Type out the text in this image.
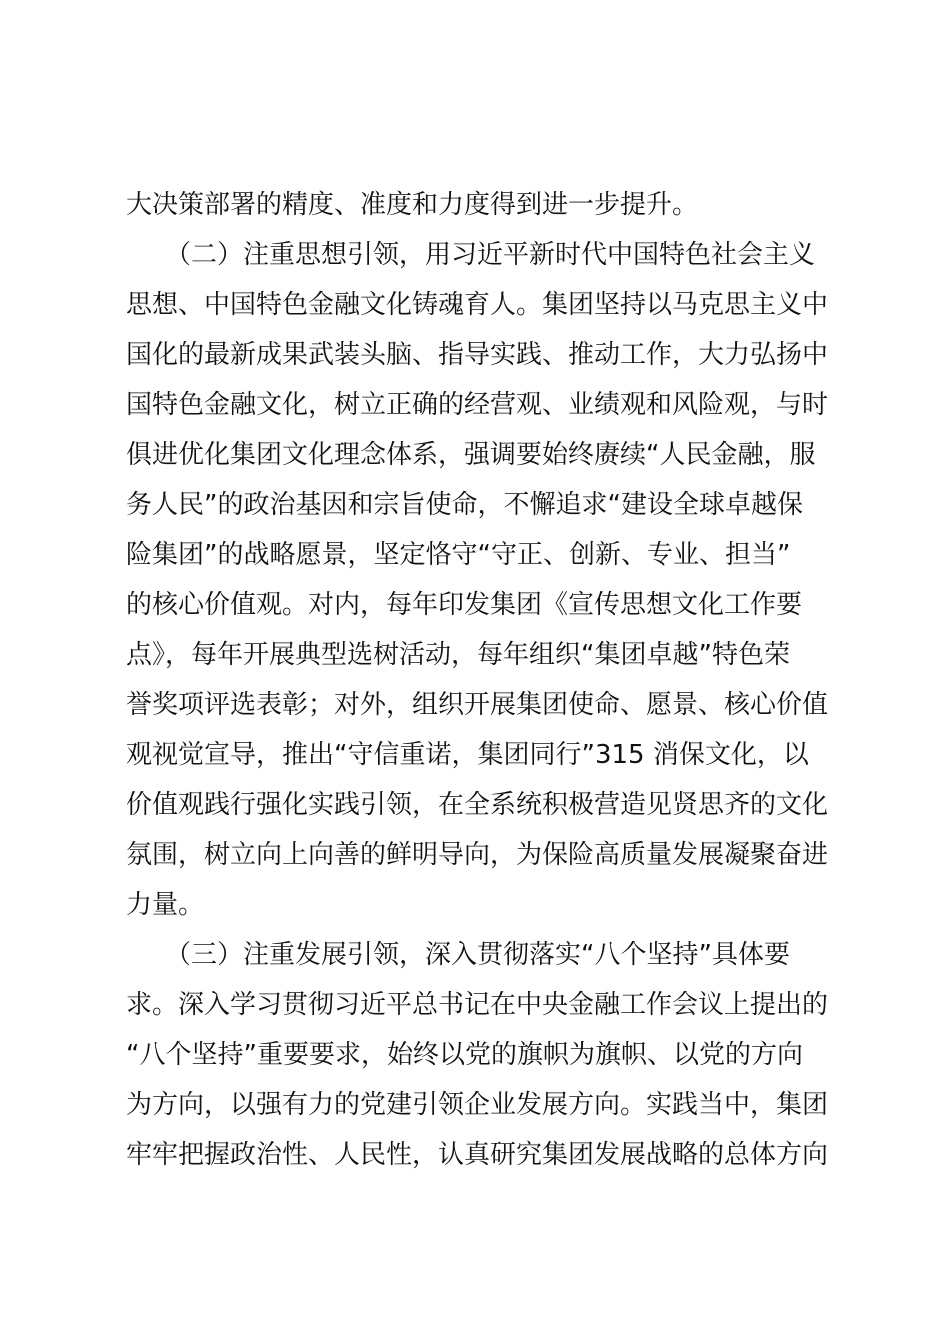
大决策部署的精度、准度和力度得到进一步提升。
　　（二）注重思想引领，用习近平新时代中国特色社会主义
思想、中国特色金融文化铸魂育人。集团坚持以马克思主义中
国化的最新成果武装头脑、指导实践、推动工作，大力弘扬中
国特色金融文化，树立正确的经营观、业绩观和风险观，与时
俱进优化集团文化理念体系，强调要始终赓续“人民金融，服
务人民”的政治基因和宗旨使命，不懈追求“建设全球卓越保
险集团”的战略愿景，坚定恪守“守正、创新、专业、担当”
的核心价值观。对内，每年印发集团《宣传思想文化工作要
点》，每年开展典型选树活动，每年组织“集团卓越”特色荣
誉奖项评选表彰；对外，组织开展集团使命、愿景、核心价值
观视觉宣导，推出“守信重诺，集团同行”315 消保文化，以
价值观践行强化实践引领，在全系统积极营造见贤思齐的文化
氛围，树立向上向善的鲜明导向，为保险高质量发展凝聚奋进
力量。
　　（三）注重发展引领，深入贯彻落实“八个坚持”具体要
求。深入学习贯彻习近平总书记在中央金融工作会议上提出的
“八个坚持”重要要求，始终以党的旗帜为旗帜、以党的方向
为方向，以强有力的党建引领企业发展方向。实践当中，集团
牢牢把握政治性、人民性，认真研究集团发展战略的总体方向
